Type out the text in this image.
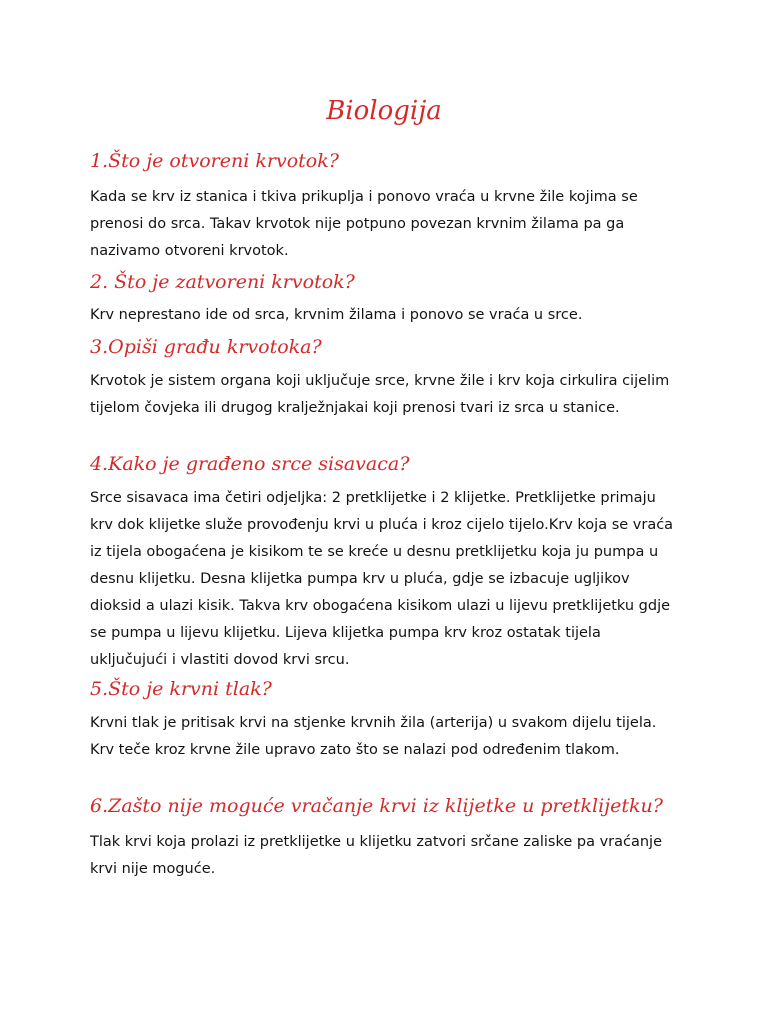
Biologija
1.Što je otvoreni krvotok?

Kada se krv iz stanica i tkiva prikuplja i ponovo vraća u krvne žile kojima se prenosi do srca. Takav krvotok nije potpuno povezan krvnim žilama pa ga nazivamo otvoreni krvotok.

2. Što je zatvoreni krvotok?

Krv neprestano ide od srca, krvnim žilama i ponovo se vraća u srce.

3.Opiši građu krvotoka?

Krvotok je sistem organa koji uključuje srce, krvne žile i krv koja cirkulira cijelim tijelom čovjeka ili drugog kralježnjakai koji prenosi tvari iz srca u stanice.

4.Kako je građeno srce sisavaca?

Srce sisavaca ima četiri odjeljka: 2 pretklijetke i 2 klijetke. Pretklijetke primaju krv dok klijetke služe provođenju krvi u pluća i kroz cijelo tijelo.Krv koja se vraća iz tijela obogaćena je kisikom te se kreće u desnu pretklijetku koja ju pumpa u desnu klijetku. Desna klijetka pumpa krv u pluća, gdje se izbacuje ugljikov dioksid a ulazi kisik. Takva krv obogaćena kisikom ulazi u lijevu pretklijetku gdje se pumpa u lijevu klijetku. Lijeva klijetka pumpa krv kroz ostatak tijela uključujući i vlastiti dovod krvi srcu.

5.Što je krvni tlak?

Krvni tlak je pritisak krvi na stjenke krvnih žila (arterija) u svakom dijelu tijela. Krv teče kroz krvne žile upravo zato što se nalazi pod određenim tlakom.

6.Zašto nije moguće vračanje krvi iz klijetke u pretklijetku?

Tlak krvi koja prolazi iz pretklijetke u klijetku zatvori srčane zaliske pa vraćanje krvi nije moguće.
